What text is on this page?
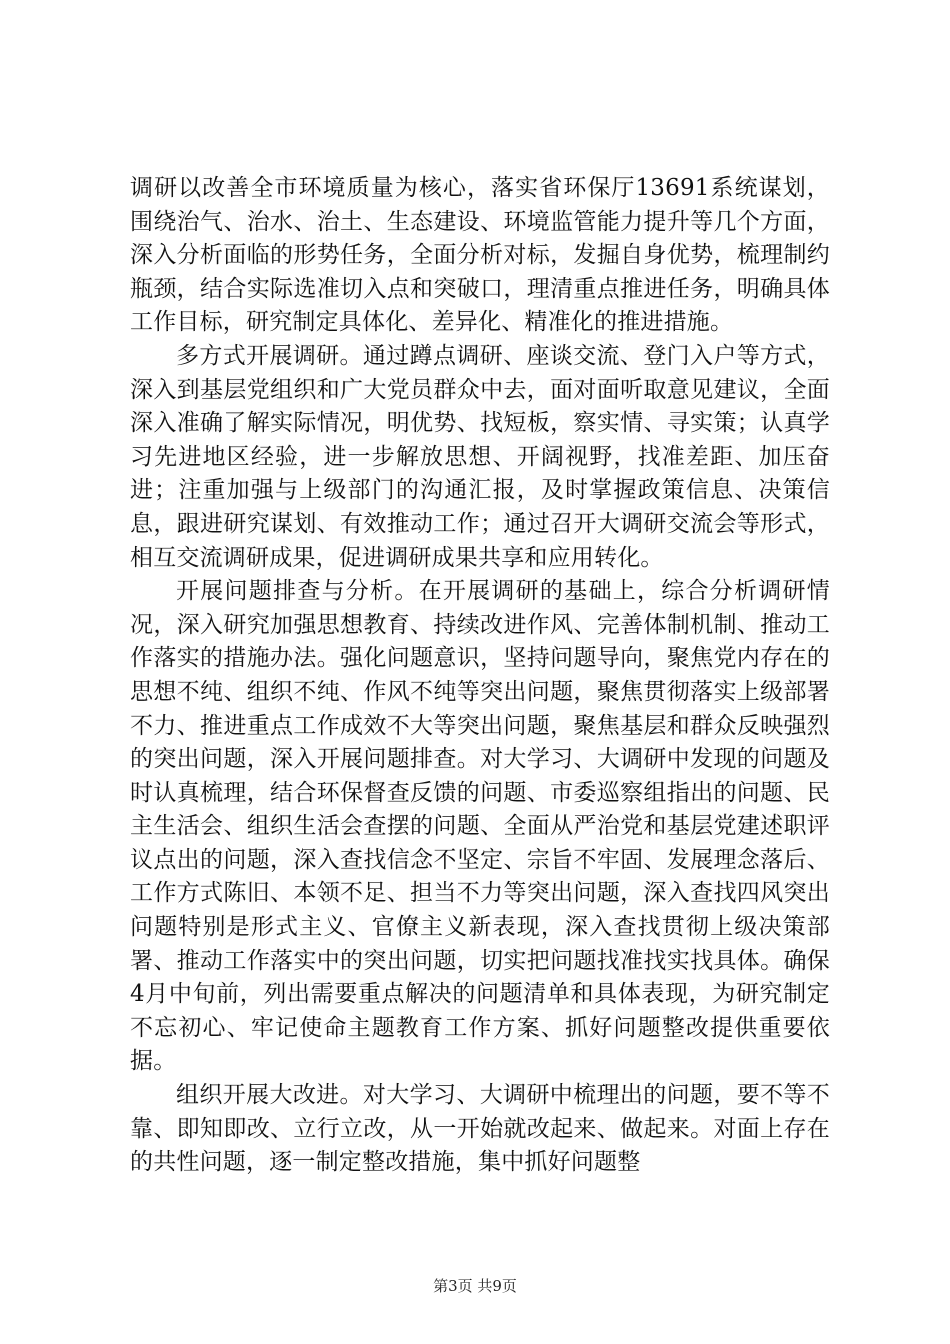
调研以改善全市环境质量为核心，落实省环保厅13691系统谋划，围绕治气、治水、治土、生态建设、环境监管能力提升等几个方面，深入分析面临的形势任务，全面分析对标，发掘自身优势，梳理制约瓶颈，结合实际选准切入点和突破口，理清重点推进任务，明确具体工作目标，研究制定具体化、差异化、精准化的推进措施。

多方式开展调研。通过蹲点调研、座谈交流、登门入户等方式，深入到基层党组织和广大党员群众中去，面对面听取意见建议，全面深入准确了解实际情况，明优势、找短板，察实情、寻实策；认真学习先进地区经验，进一步解放思想、开阔视野，找准差距、加压奋进；注重加强与上级部门的沟通汇报，及时掌握政策信息、决策信息，跟进研究谋划、有效推动工作；通过召开大调研交流会等形式，相互交流调研成果，促进调研成果共享和应用转化。

开展问题排查与分析。在开展调研的基础上，综合分析调研情况，深入研究加强思想教育、持续改进作风、完善体制机制、推动工作落实的措施办法。强化问题意识，坚持问题导向，聚焦党内存在的思想不纯、组织不纯、作风不纯等突出问题，聚焦贯彻落实上级部署不力、推进重点工作成效不大等突出问题，聚焦基层和群众反映强烈的突出问题，深入开展问题排查。对大学习、大调研中发现的问题及时认真梳理，结合环保督查反馈的问题、市委巡察组指出的问题、民主生活会、组织生活会查摆的问题、全面从严治党和基层党建述职评议点出的问题，深入查找信念不坚定、宗旨不牢固、发展理念落后、工作方式陈旧、本领不足、担当不力等突出问题，深入查找四风突出问题特别是形式主义、官僚主义新表现，深入查找贯彻上级决策部署、推动工作落实中的突出问题，切实把问题找准找实找具体。确保4月中旬前，列出需要重点解决的问题清单和具体表现，为研究制定不忘初心、牢记使命主题教育工作方案、抓好问题整改提供重要依据。

组织开展大改进。对大学习、大调研中梳理出的问题，要不等不靠、即知即改、立行立改，从一开始就改起来、做起来。对面上存在的共性问题，逐一制定整改措施，集中抓好问题整

第3页 共9页
